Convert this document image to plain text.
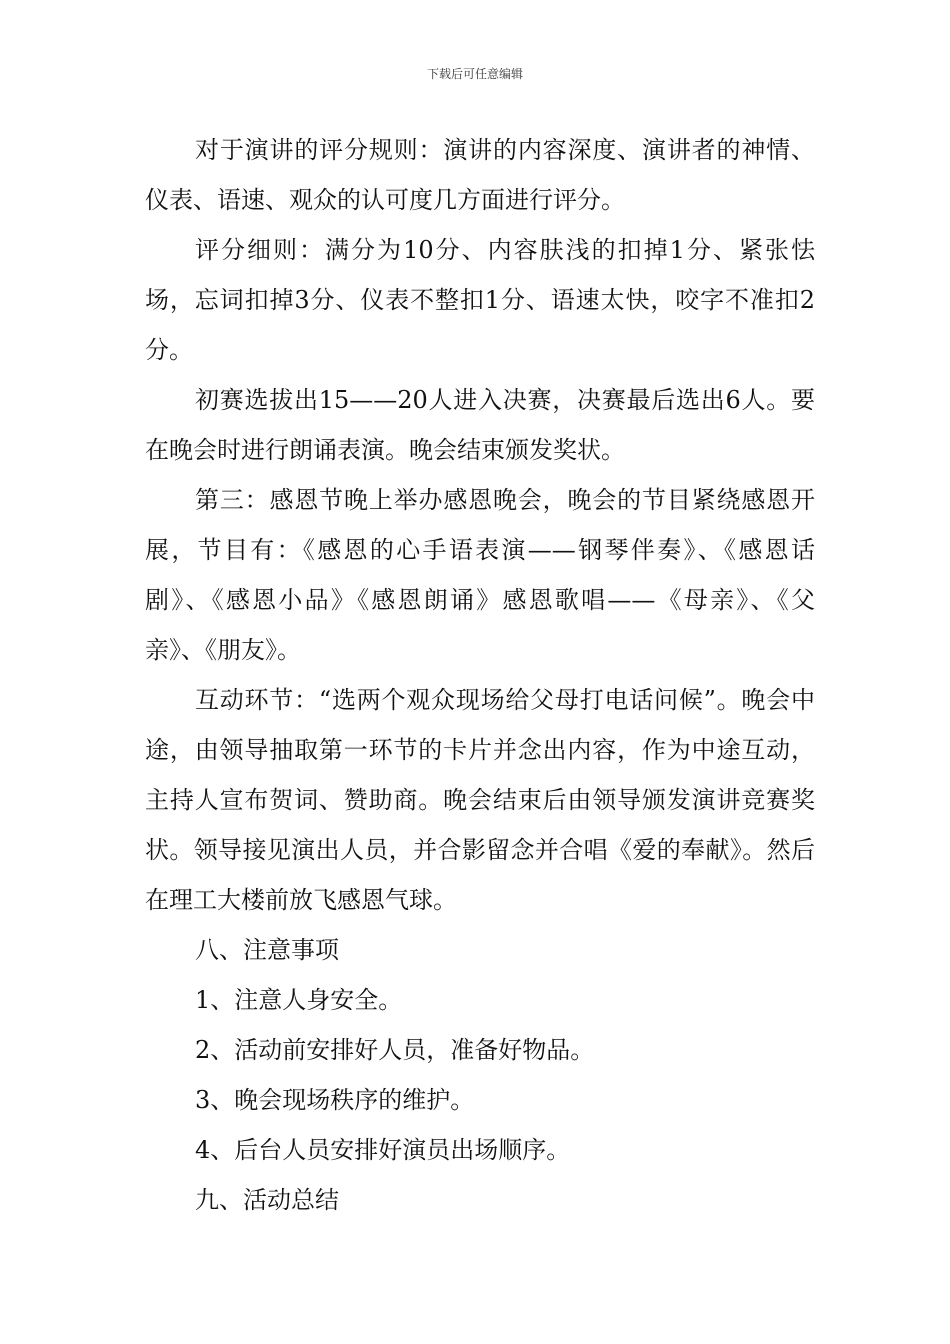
下载后可任意编辑

对于演讲的评分规则：演讲的内容深度、演讲者的神情、仪表、语速、观众的认可度几方面进行评分。

评分细则：满分为10分、内容肤浅的扣掉1分、紧张怯场，忘词扣掉3分、仪表不整扣1分、语速太快，咬字不准扣2分。

初赛选拔出15——20人进入决赛，决赛最后选出6人。要在晚会时进行朗诵表演。晚会结束颁发奖状。

第三：感恩节晚上举办感恩晚会，晚会的节目紧绕感恩开展，节目有：《感恩的心手语表演——钢琴伴奏》、《感恩话剧》、《感恩小品》《感恩朗诵》感恩歌唱——《母亲》、《父亲》、《朋友》。

互动环节：“选两个观众现场给父母打电话问候”。晚会中途，由领导抽取第一环节的卡片并念出内容，作为中途互动，主持人宣布贺词、赞助商。晚会结束后由领导颁发演讲竞赛奖状。领导接见演出人员，并合影留念并合唱《爱的奉献》。然后在理工大楼前放飞感恩气球。

八、注意事项

1、注意人身安全。

2、活动前安排好人员，准备好物品。

3、晚会现场秩序的维护。

4、后台人员安排好演员出场顺序。

九、活动总结
